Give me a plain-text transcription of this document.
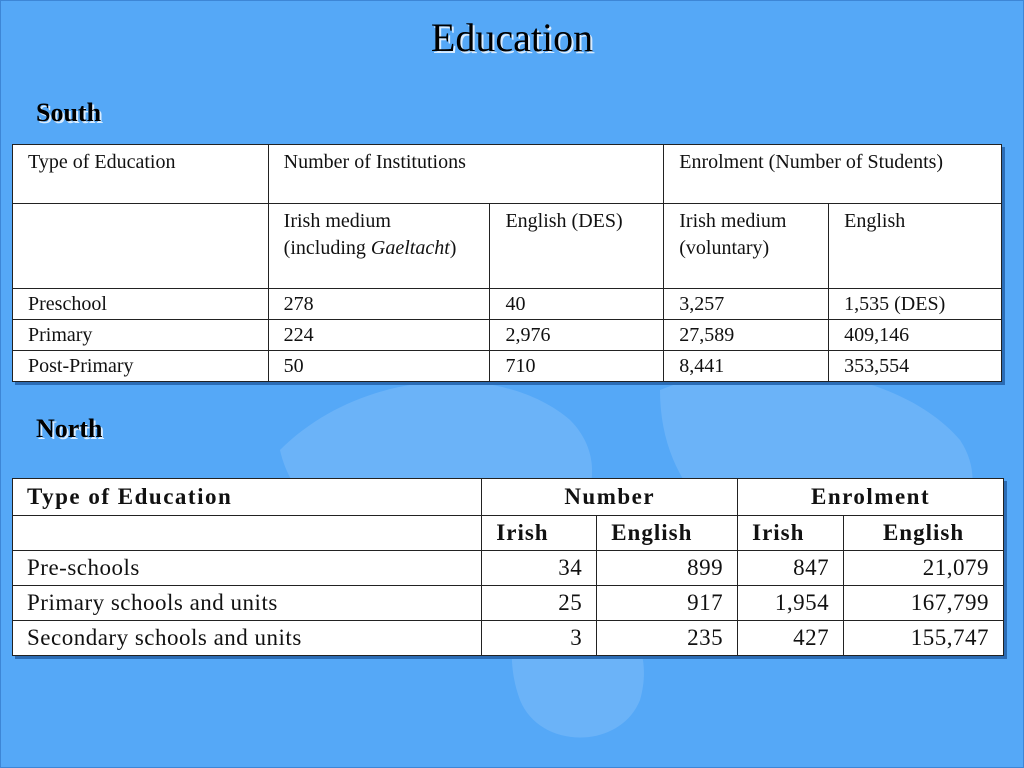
Education
South
Type of Education	Number of Institutions		Enrolment (Number of Students)	
	Irish medium (including Gaeltacht)	English (DES)	Irish medium (voluntary)	English
Preschool	278	40	3,257	1,535 (DES)
Primary	224	2,976	27,589	409,146
Post-Primary	50	710	8,441	353,554
North
Type of Education	Number		Enrolment	
	Irish	English	Irish	English
Pre-schools	34	899	847	21,079
Primary schools and units	25	917	1,954	167,799
Secondary schools and units	3	235	427	155,747
